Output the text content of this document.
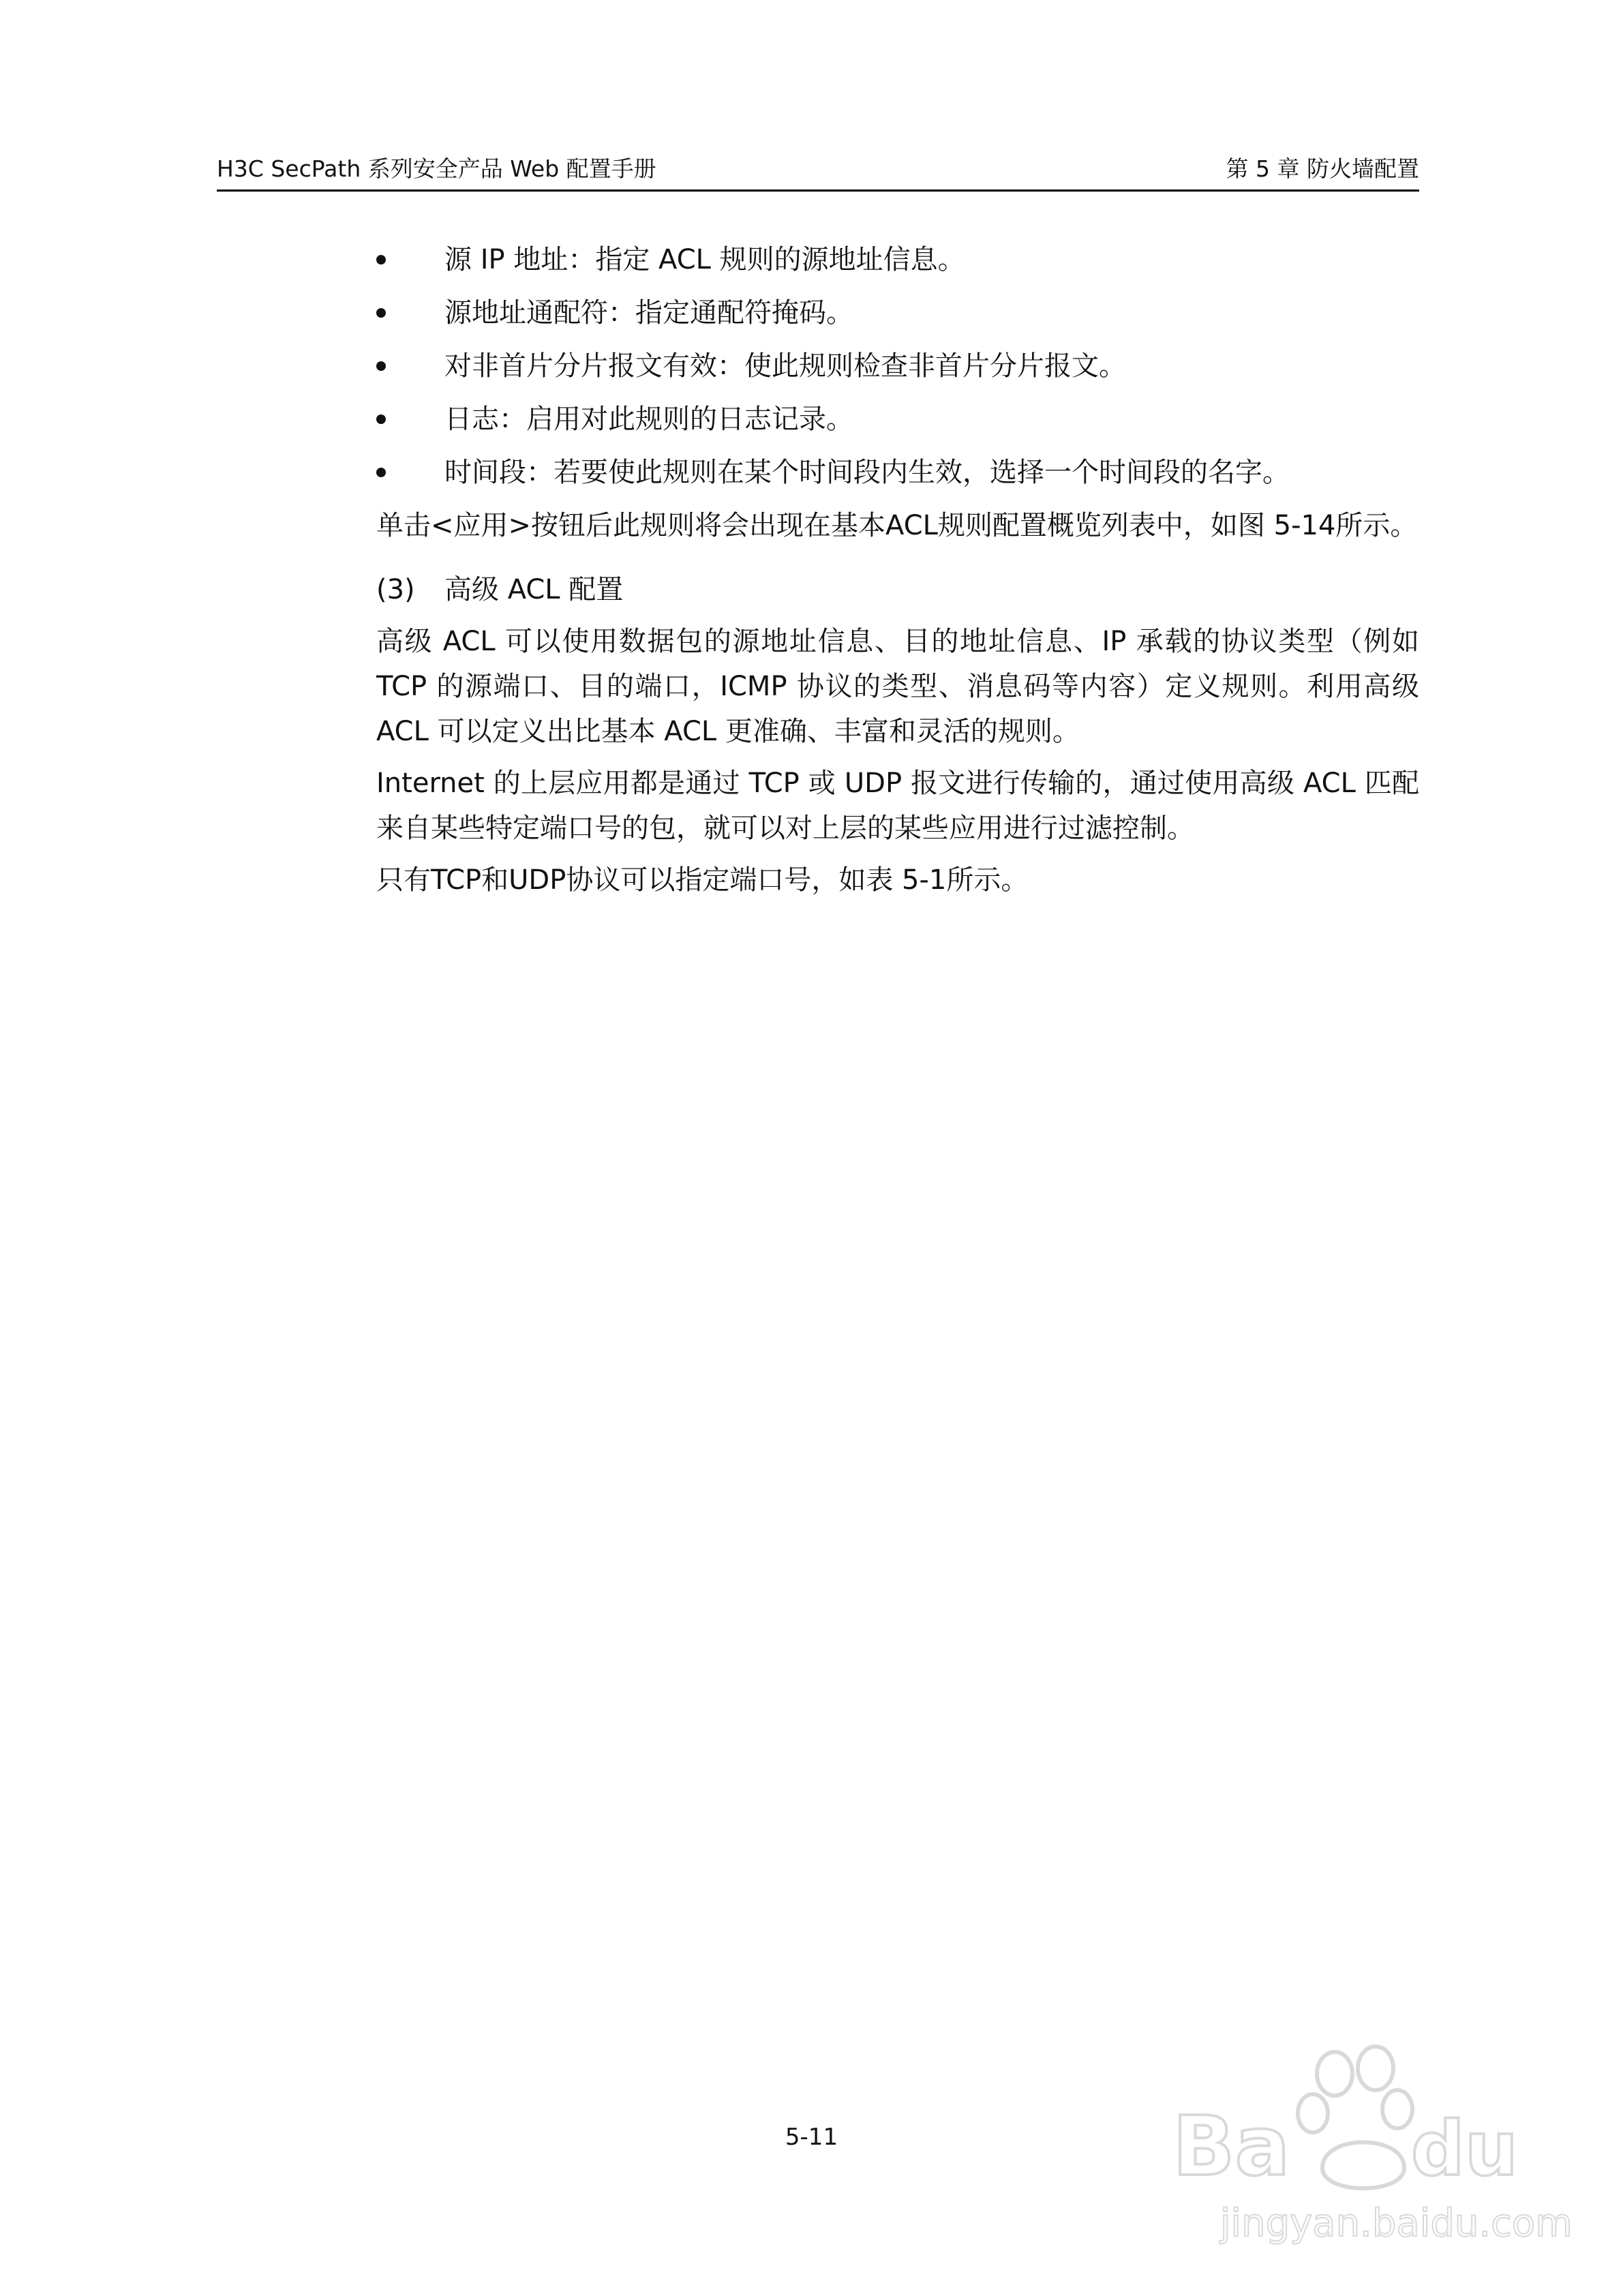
H3C SecPath 系列安全产品 Web 配置手册	第 5 章 防火墙配置
源 IP 地址：指定 ACL 规则的源地址信息。
源地址通配符：指定通配符掩码。
对非首片分片报文有效：使此规则检查非首片分片报文。
日志：启用对此规则的日志记录。
时间段：若要使此规则在某个时间段内生效，选择一个时间段的名字。

单击<应用>按钮后此规则将会出现在基本ACL规则配置概览列表中，如图 5-14所示。

(3) 高级 ACL 配置

高级 ACL 可以使用数据包的源地址信息、目的地址信息、IP 承载的协议类型（例如 TCP 的源端口、目的端口，ICMP 协议的类型、消息码等内容）定义规则。利用高级 ACL 可以定义出比基本 ACL 更准确、丰富和灵活的规则。

Internet 的上层应用都是通过 TCP 或 UDP 报文进行传输的，通过使用高级 ACL 匹配来自某些特定端口号的包，就可以对上层的某些应用进行过滤控制。

只有TCP和UDP协议可以指定端口号，如表 5-1所示。

5-11	Ba du
jingyan.baidu.com
